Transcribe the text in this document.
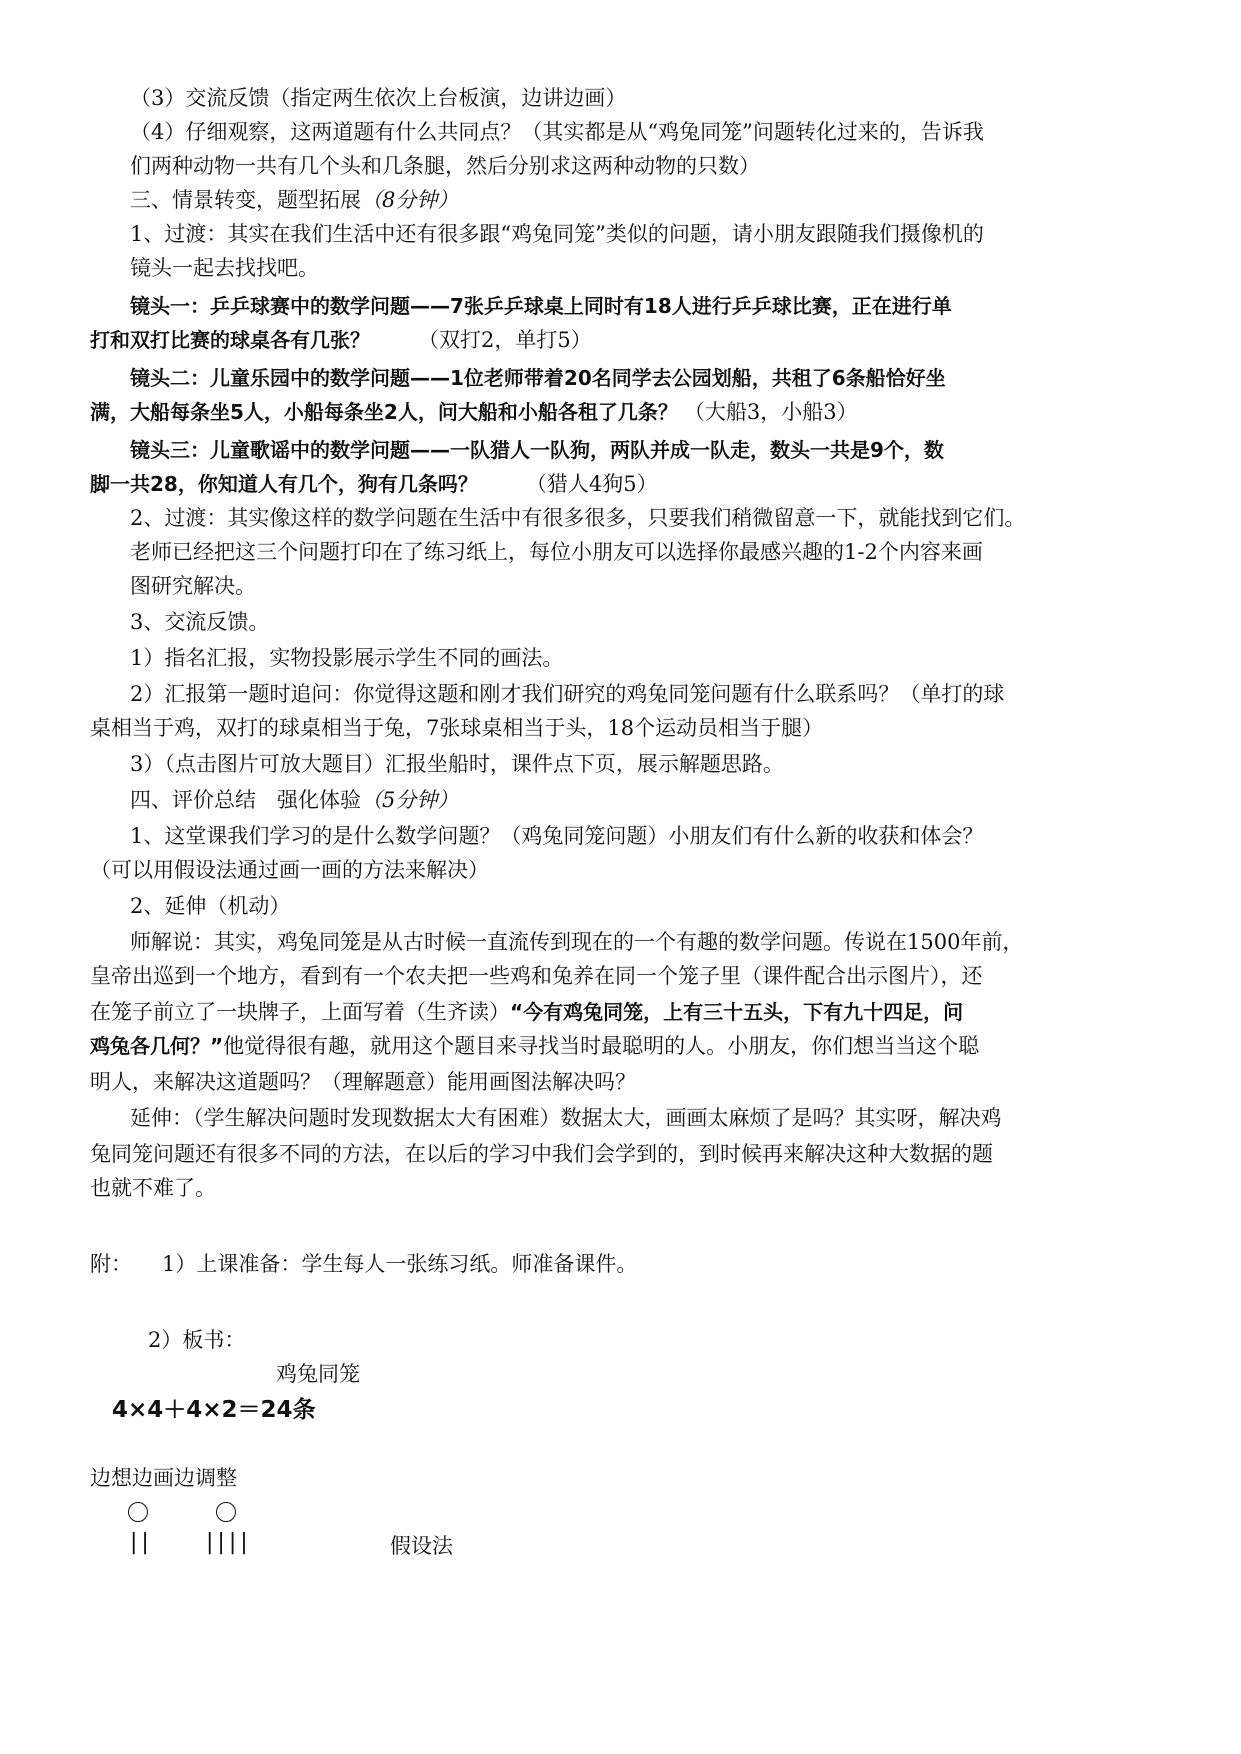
（3）交流反馈（指定两生依次上台板演，边讲边画）
（4）仔细观察，这两道题有什么共同点？（其实都是从“鸡兔同笼”问题转化过来的，告诉我
们两种动物一共有几个头和几条腿，然后分别求这两种动物的只数）
三、情景转变，题型拓展（8分钟）
1、过渡：其实在我们生活中还有很多跟“鸡兔同笼”类似的问题，请小朋友跟随我们摄像机的
镜头一起去找找吧。
镜头一：乒乒球赛中的数学问题——7张乒乒球桌上同时有18人进行乒乒球比赛，正在进行单
打和双打比赛的球桌各有几张？ （双打2，单打5）
镜头二：儿童乐园中的数学问题——1位老师带着20名同学去公园划船，共租了6条船恰好坐
满，大船每条坐5人，小船每条坐2人，问大船和小船各租了几条？ （大船3，小船3）
镜头三：儿童歌谣中的数学问题——一队猎人一队狗，两队并成一队走，数头一共是9个，数
脚一共28，你知道人有几个，狗有几条吗？ （猎人4狗5）
2、过渡：其实像这样的数学问题在生活中有很多很多，只要我们稍微留意一下，就能找到它们。
老师已经把这三个问题打印在了练习纸上，每位小朋友可以选择你最感兴趣的1-2个内容来画
图研究解决。
3、交流反馈。
1）指名汇报，实物投影展示学生不同的画法。
2）汇报第一题时追问：你觉得这题和刚才我们研究的鸡兔同笼问题有什么联系吗？（单打的球
桌相当于鸡，双打的球桌相当于兔，7张球桌相当于头，18个运动员相当于腿）
3）（点击图片可放大题目）汇报坐船时，课件点下页，展示解题思路。
四、评价总结　强化体验（5分钟）
1、这堂课我们学习的是什么数学问题？（鸡兔同笼问题）小朋友们有什么新的收获和体会？
（可以用假设法通过画一画的方法来解决）
2、延伸（机动）
师解说：其实，鸡兔同笼是从古时候一直流传到现在的一个有趣的数学问题。传说在1500年前，
皇帝出巡到一个地方，看到有一个农夫把一些鸡和兔养在同一个笼子里（课件配合出示图片），还
在笼子前立了一块牌子，上面写着（生齐读）“今有鸡兔同笼，上有三十五头，下有九十四足，问
鸡兔各几何？”他觉得很有趣，就用这个题目来寻找当时最聪明的人。小朋友，你们想当当这个聪
明人，来解决这道题吗？（理解题意）能用画图法解决吗？
延伸：（学生解决问题时发现数据太大有困难）数据太大，画画太麻烦了是吗？其实呀，解决鸡
兔同笼问题还有很多不同的方法，在以后的学习中我们会学到的，到时候再来解决这种大数据的题
也就不难了。
附： 1）上课准备：学生每人一张练习纸。师准备课件。
2）板书：
鸡兔同笼
4×4＋4×2＝24条
边想边画边调整
|| ||||	假设法
